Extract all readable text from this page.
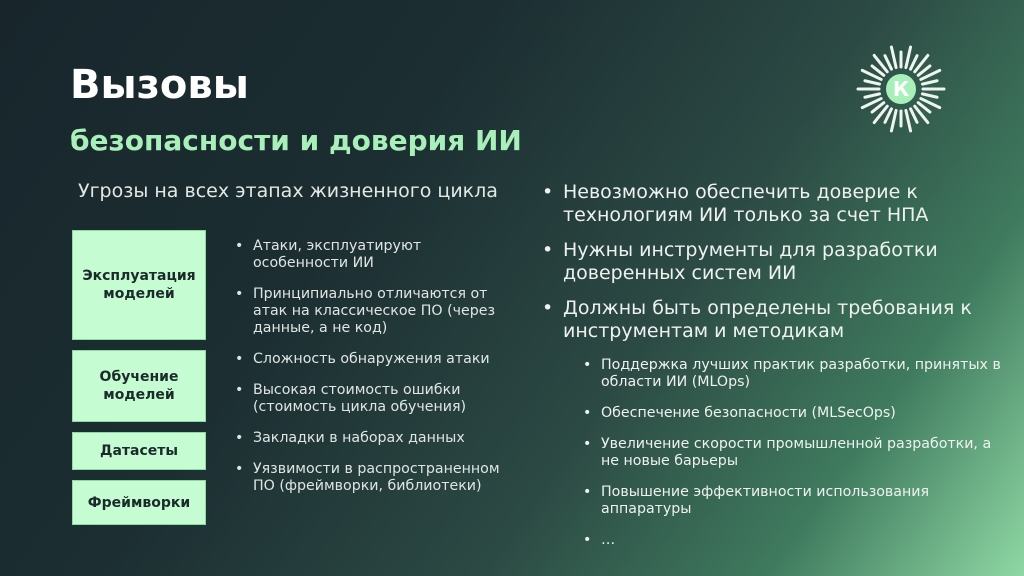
Вызовы
безопасности и доверия ИИ
К
Угрозы на всех этапах жизненного цикла
Эксплуатация
моделей
Обучение
моделей
Датасеты
Фреймворки
• Атаки, эксплуатируют особенности ИИ
• Принципиально отличаются от атак на классическое ПО (через данные, а не код)
• Сложность обнаружения атаки
• Высокая стоимость ошибки (стоимость цикла обучения)
• Закладки в наборах данных
• Уязвимости в распространенном ПО (фреймворки, библиотеки)
• Невозможно обеспечить доверие к технологиям ИИ только за счет НПА
• Нужны инструменты для разработки доверенных систем ИИ
• Должны быть определены требования к инструментам и методикам
• Поддержка лучших практик разработки, принятых в области ИИ (MLOps)
• Обеспечение безопасности (MLSecOps)
• Увеличение скорости промышленной разработки, а не новые барьеры
• Повышение эффективности использования аппаратуры
• …
